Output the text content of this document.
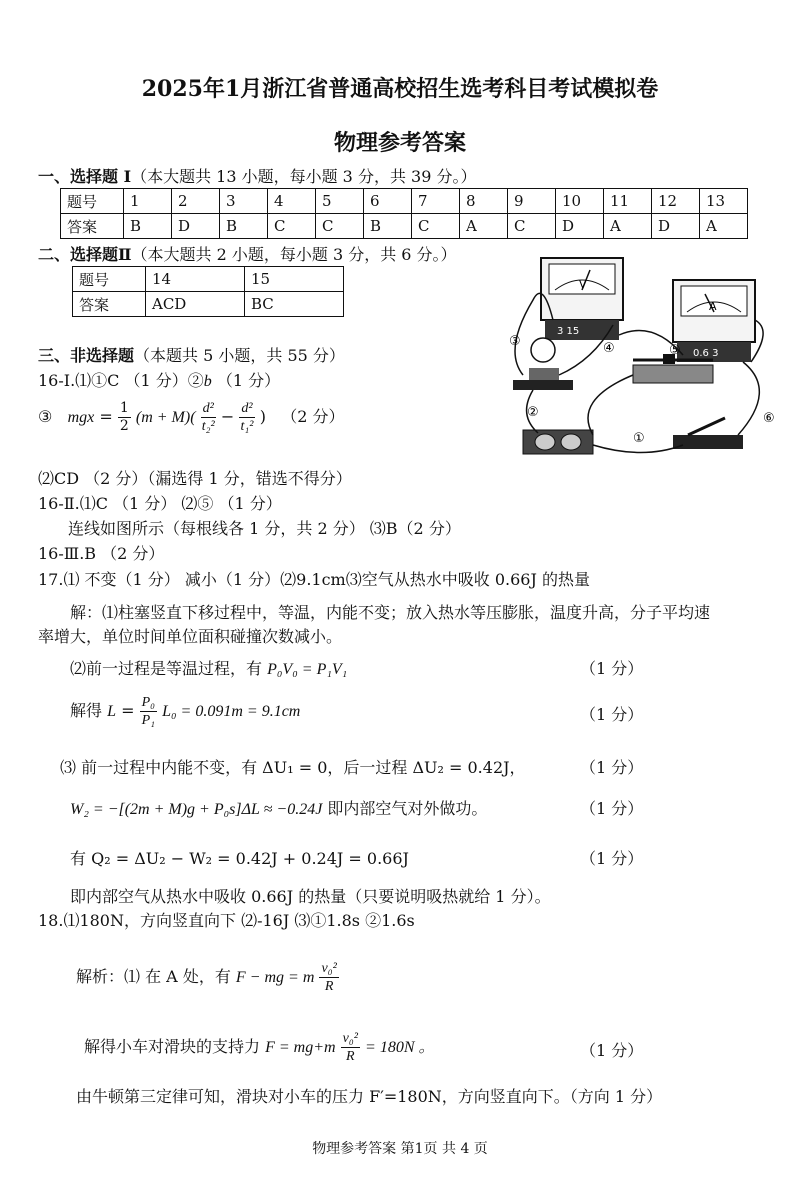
2025年1月浙江省普通高校招生选考科目考试模拟卷
物理参考答案
一、选择题 Ⅰ（本大题共 13 小题，每小题 3 分，共 39 分。）
题号	1	2	3	4	5	6	7	8	9	10	11	12	13
答案	B	D	B	C	C	B	C	A	C	D	A	D	A
二、选择题Ⅱ（本大题共 2 小题，每小题 3 分，共 6 分。）
题号	14	15
答案	ACD	BC
V
3 15
A
0.6 3
③	④	⑤
②
①
⑥
三、非选择题（本题共 5 小题，共 55 分）
16-Ⅰ.⑴①C （1 分）②b （1 分）
③ mgx = $\frac{1}{2} (m + M)( \frac{\text{d²}}{\text{t₂²}} - \frac{\text{d²}}{\text{t₁²}}$ ) （2 分）
⑵CD （2 分）（漏选得 1 分，错选不得分）
16-Ⅱ.⑴C （1 分） ⑵⑤ （1 分）
连线如图所示（每根线各 1 分，共 2 分） ⑶B（2 分）
16-Ⅲ.B （2 分）
17.⑴ 不变（1 分） 减小（1 分）⑵9.1cm⑶空气从热水中吸收 0.66J 的热量
解：⑴柱塞竖直下移过程中，等温，内能不变；放入热水等压膨胀，温度升高，分子平均速
率增大，单位时间单位面积碰撞次数减小。
⑵前一过程是等温过程，有 P₀V₀ = P₁V₁	（1 分）
解得 $L = \frac{\text{P₀}}{\text{P₁}} L_0 = 0.091m = 9.1cm$	（1 分）
⑶ 前一过程中内能不变，有 ΔU₁ = 0，后一过程 ΔU₂ = 0.42J，	（1 分）
W₂ = −[(2m + M)g + P₀s]ΔL ≈ −0.24J 即内部空气对外做功。	（1 分）
有 Q₂ = ΔU₂ − W₂ = 0.42J + 0.24J = 0.66J	（1 分）
即内部空气从热水中吸收 0.66J 的热量（只要说明吸热就给 1 分）。
18.⑴180N，方向竖直向下 ⑵-16J ⑶①1.8s ②1.6s
解析：⑴ 在 A 处，有 F − mg = m $\frac{\text{v₀²}}{R}$
解得小车对滑块的支持力 $F = mg+m \frac{\text{v₀²}}{R} = 180N$ 。	（1 分）
由牛顿第三定律可知，滑块对小车的压力 F′=180N，方向竖直向下。（方向 1 分）
物理参考答案 第1页 共 4 页
